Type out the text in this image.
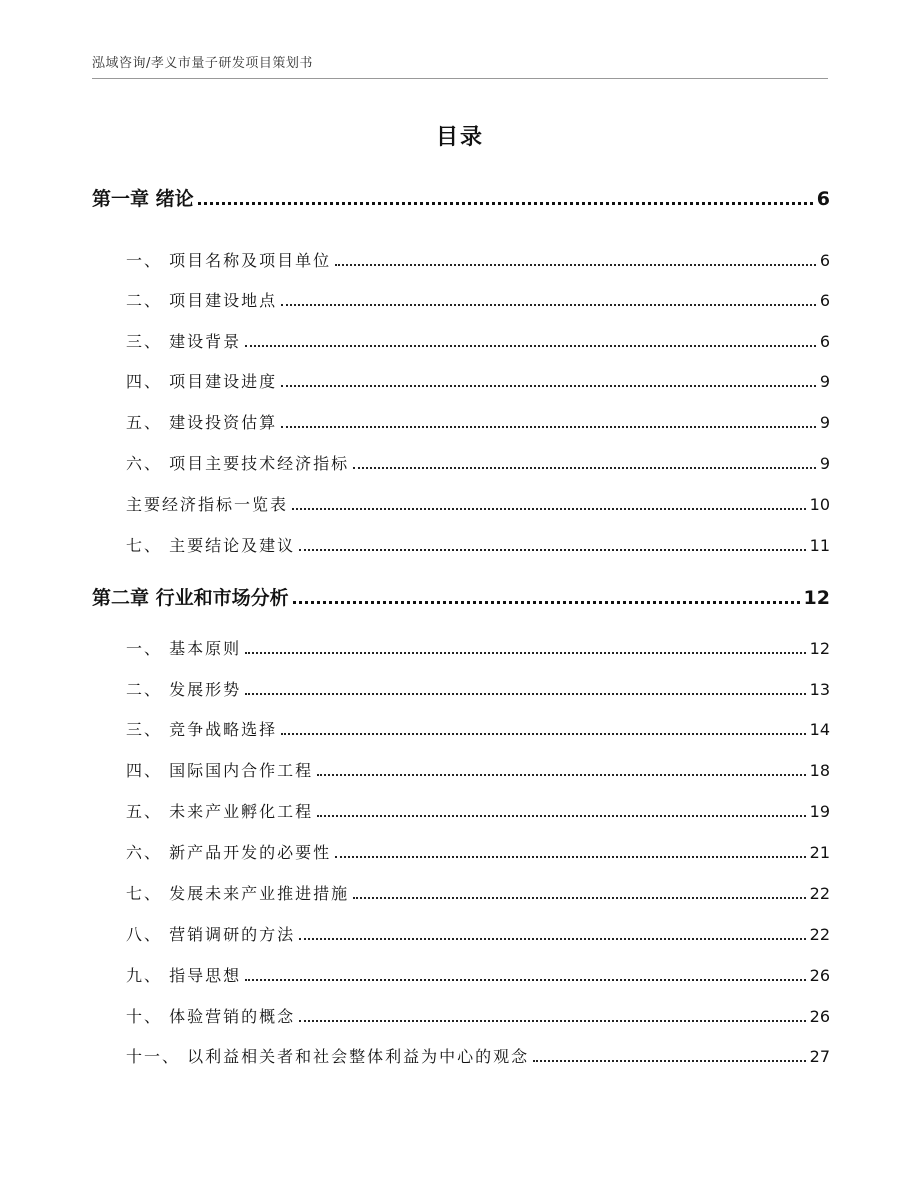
泓域咨询/孝义市量子研发项目策划书
目录
第一章 绪论	6
一、 项目名称及项目单位	6
二、 项目建设地点	6
三、 建设背景	6
四、 项目建设进度	9
五、 建设投资估算	9
六、 项目主要技术经济指标	9
主要经济指标一览表	10
七、 主要结论及建议	11
第二章 行业和市场分析	12
一、 基本原则	12
二、 发展形势	13
三、 竞争战略选择	14
四、 国际国内合作工程	18
五、 未来产业孵化工程	19
六、 新产品开发的必要性	21
七、 发展未来产业推进措施	22
八、 营销调研的方法	22
九、 指导思想	26
十、 体验营销的概念	26
十一、 以利益相关者和社会整体利益为中心的观念	27
